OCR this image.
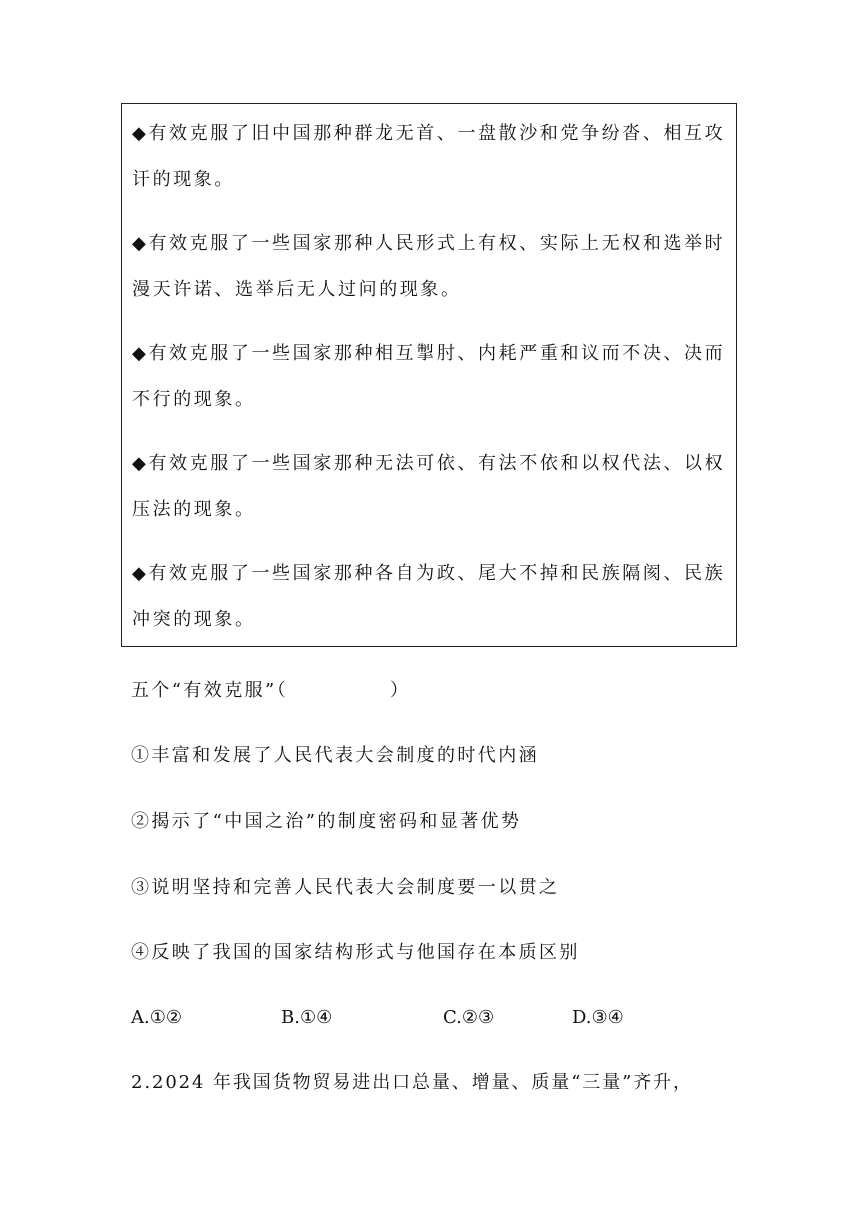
◆有效克服了旧中国那种群龙无首、一盘散沙和党争纷沓、相互攻讦的现象。

◆有效克服了一些国家那种人民形式上有权、实际上无权和选举时漫天许诺、选举后无人过问的现象。

◆有效克服了一些国家那种相互掣肘、内耗严重和议而不决、决而不行的现象。

◆有效克服了一些国家那种无法可依、有法不依和以权代法、以权压法的现象。

◆有效克服了一些国家那种各自为政、尾大不掉和民族隔阂、民族冲突的现象。

五个“有效克服”（　　　　　）

①丰富和发展了人民代表大会制度的时代内涵

②揭示了“中国之治”的制度密码和显著优势

③说明坚持和完善人民代表大会制度要一以贯之

④反映了我国的国家结构形式与他国存在本质区别

A.①②	B.①④	C.②③	D.③④

2.2024 年我国货物贸易进出口总量、增量、质量“三量”齐升，
